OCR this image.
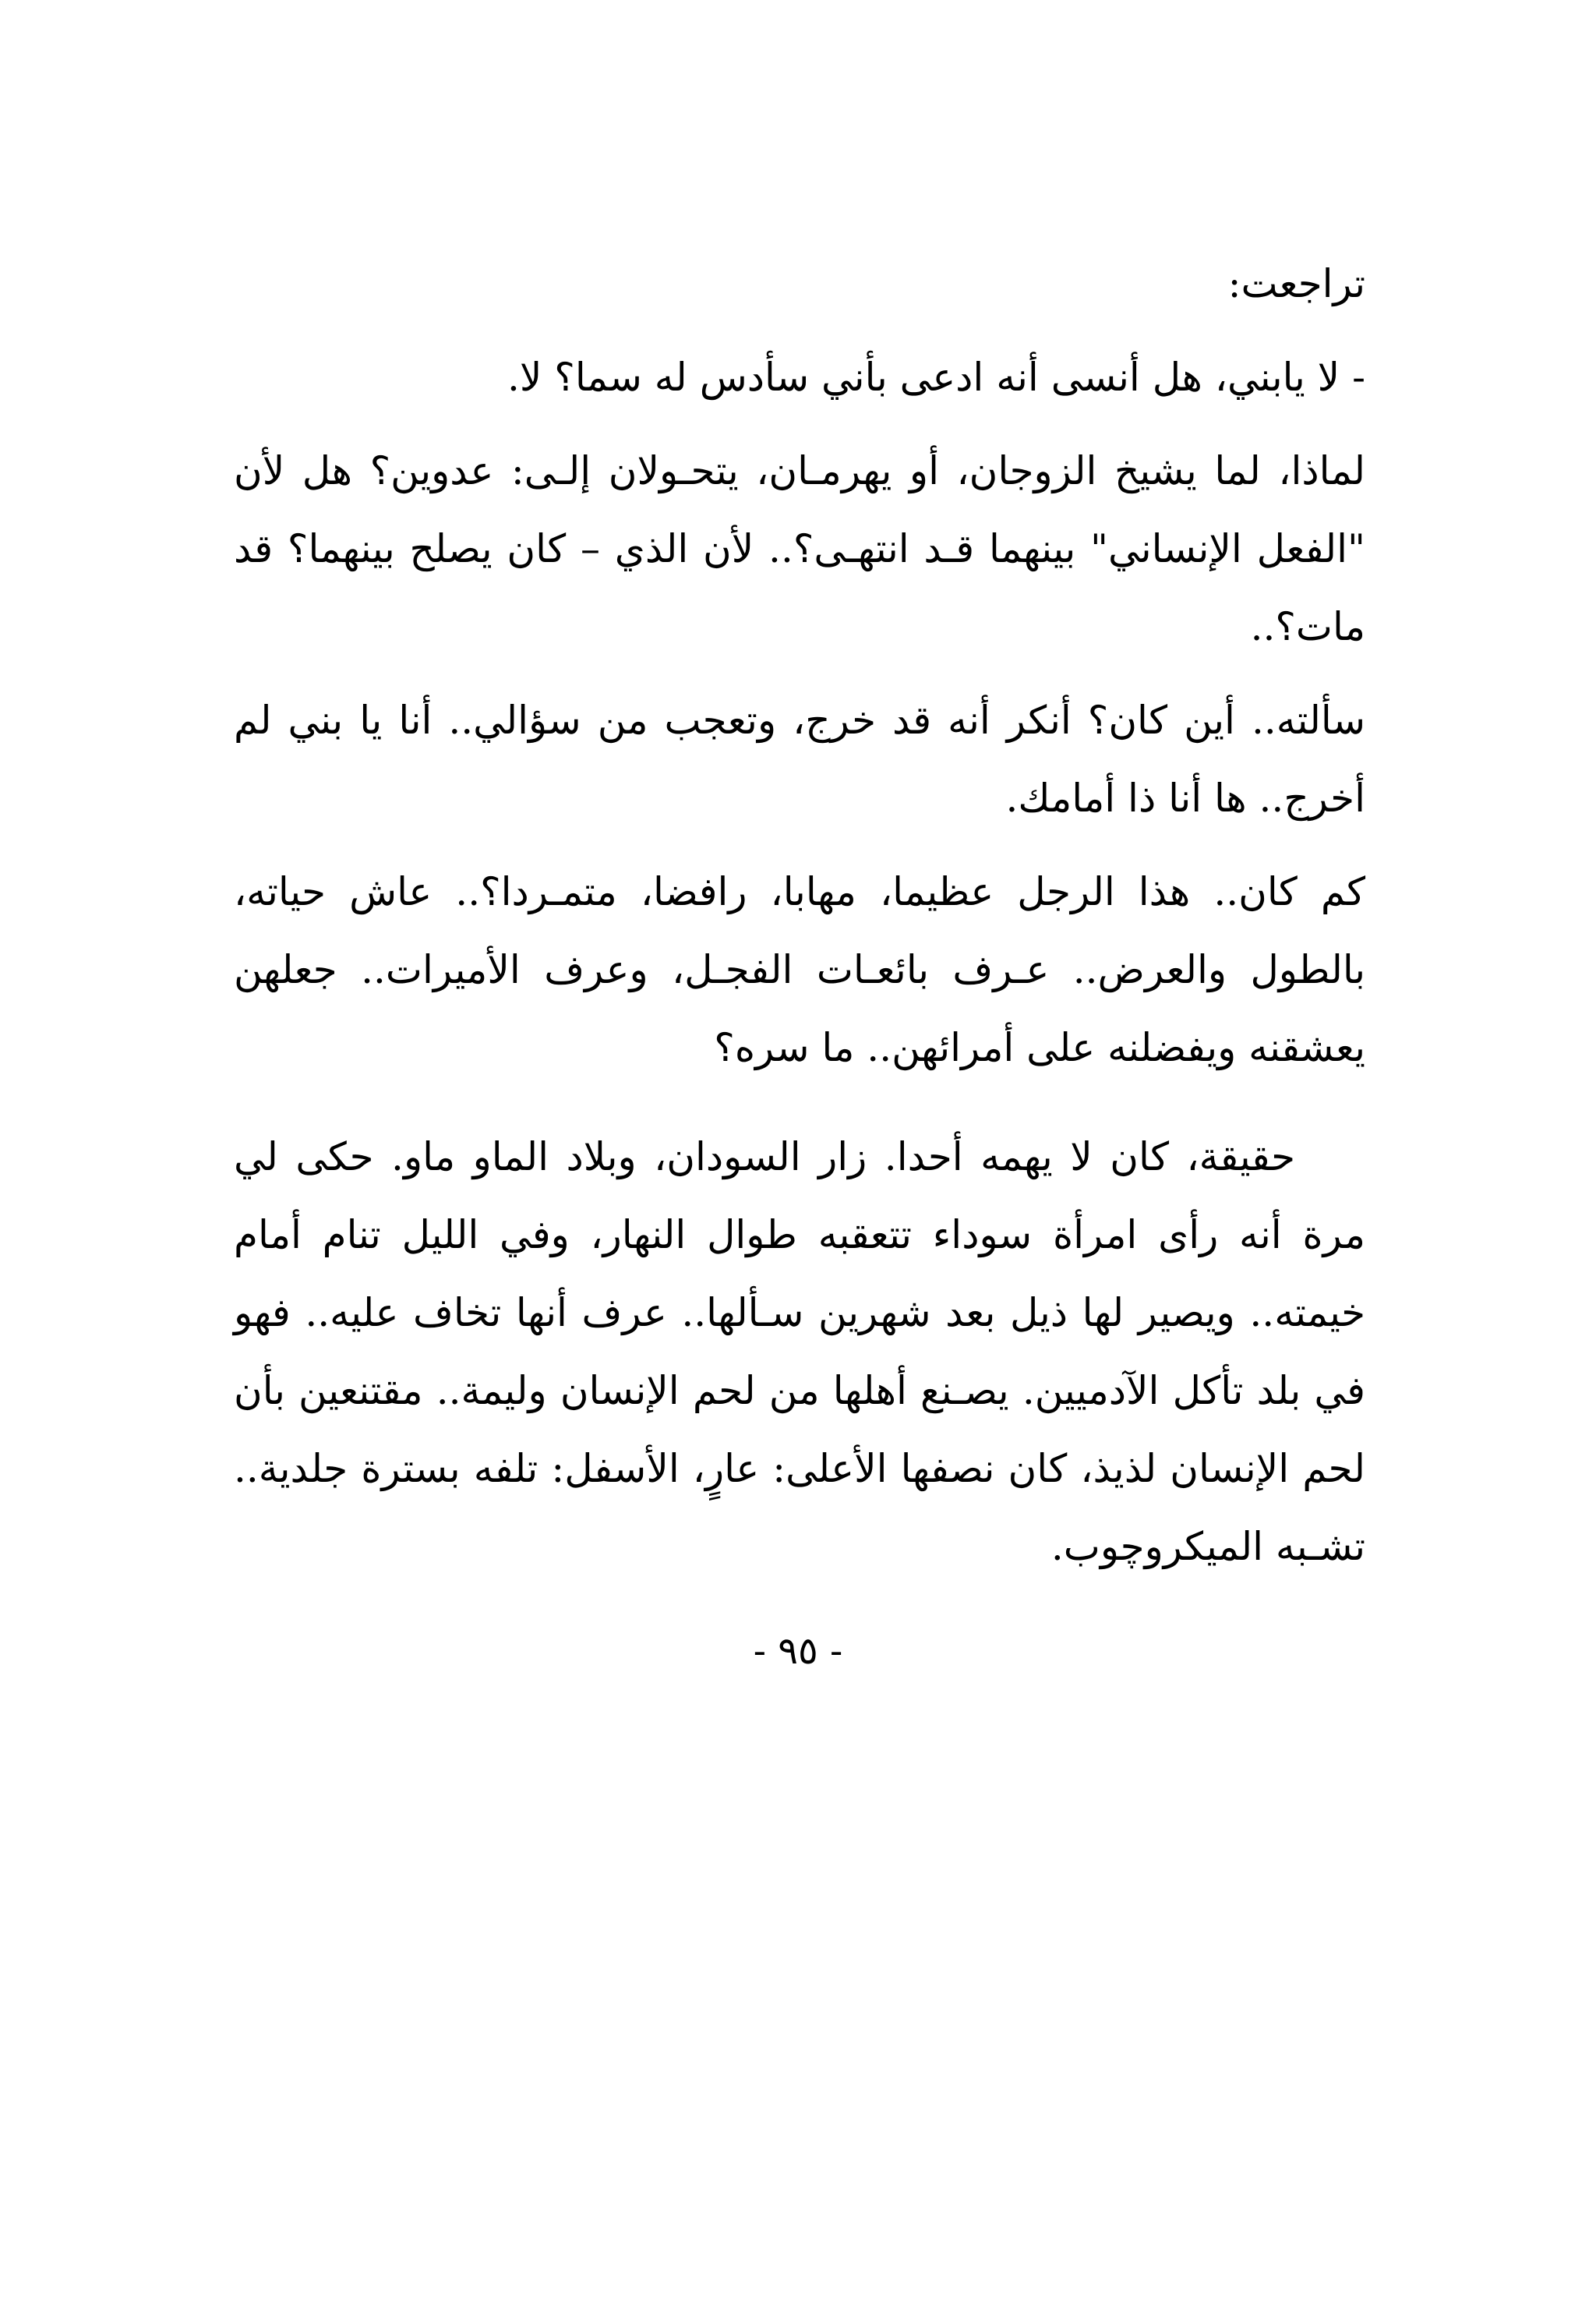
تراجعت:

- لا يابني، هل أنسى أنه ادعى بأني سأدس له سما؟ لا.

لماذا، لما يشيخ الزوجان، أو يهرمـان، يتحـولان إلـى: عدوين؟ هل لأن "الفعل الإنساني" بينهما قـد انتهـى؟.. لأن الذي – كان يصلح بينهما؟ قد مات؟..

سألته.. أين كان؟ أنكر أنه قد خرج، وتعجب من سؤالي.. أنا يا بني لم أخرج.. ها أنا ذا أمامك.

كم كان.. هذا الرجل عظيما، مهابا، رافضا، متمـردا؟.. عاش حياته، بالطول والعرض.. عـرف بائعـات الفجـل، وعرف الأميرات.. جعلهن يعشقنه ويفضلنه على أمرائهن.. ما سره؟

حقيقة، كان لا يهمه أحدا. زار السودان، وبلاد الماو ماو. حكى لي مرة أنه رأى امرأة سوداء تتعقبه طوال النهار، وفي الليل تنام أمام خيمته.. ويصير لها ذيل بعد شهرين سـألها.. عرف أنها تخاف عليه.. فهو في بلد تأكل الآدميين. يصـنع أهلها من لحم الإنسان وليمة.. مقتنعين بأن لحم الإنسان لذيذ، كان نصفها الأعلى: عارٍ، الأسفل: تلفه بسترة جلدية.. تشـبه الميكروچوب.

- ٩٥ -
